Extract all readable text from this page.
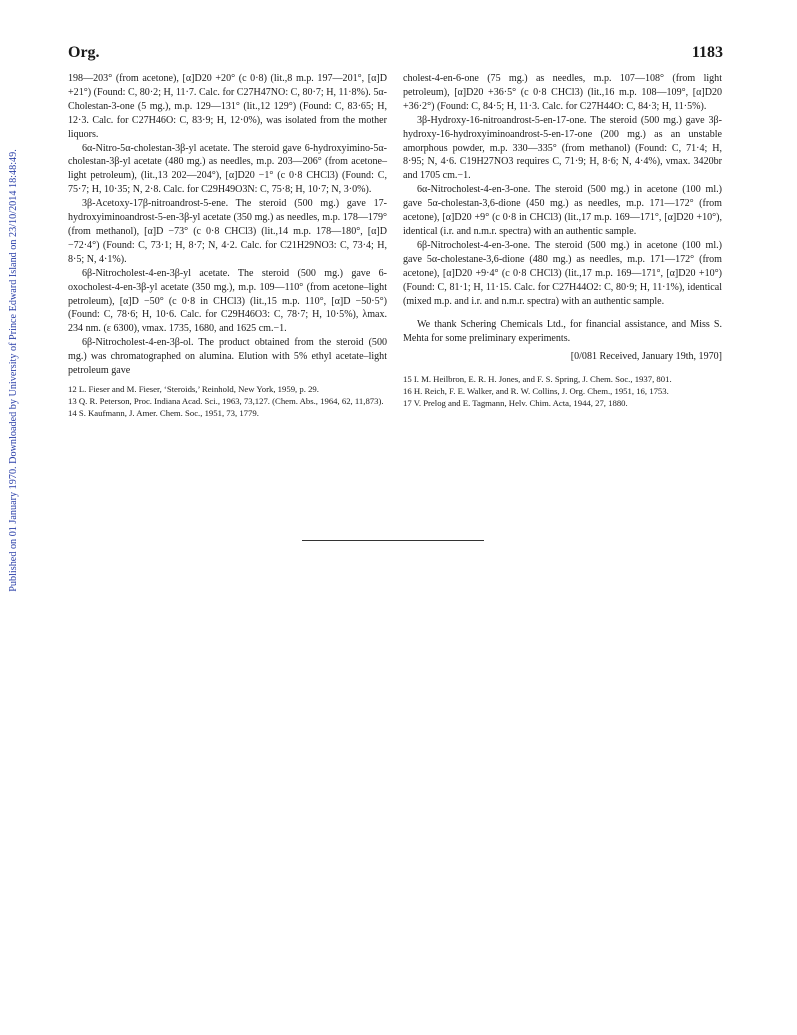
Published on 01 January 1970. Downloaded by University of Prince Edward Island on 23/10/2014 18:48:49.
Org.	1183

198—203° (from acetone), [α]D20 +20° (c 0·8) (lit.,8 m.p. 197—201°, [α]D +21°) (Found: C, 80·2; H, 11·7. Calc. for C27H47NO: C, 80·7; H, 11·8%). 5α-Cholestan-3-one (5 mg.), m.p. 129—131° (lit.,12 129°) (Found: C, 83·65; H, 12·3. Calc. for C27H46O: C, 83·9; H, 12·0%), was isolated from the mother liquors.

6α-Nitro-5α-cholestan-3β-yl acetate. The steroid gave 6-hydroxyimino-5α-cholestan-3β-yl acetate (480 mg.) as needles, m.p. 203—206° (from acetone–light petroleum), (lit.,13 202—204°), [α]D20 −1° (c 0·8 CHCl3) (Found: C, 75·7; H, 10·35; N, 2·8. Calc. for C29H49O3N: C, 75·8; H, 10·7; N, 3·0%).

3β-Acetoxy-17β-nitroandrost-5-ene. The steroid (500 mg.) gave 17-hydroxyiminoandrost-5-en-3β-yl acetate (350 mg.) as needles, m.p. 178—179° (from methanol), [α]D −73° (c 0·8 CHCl3) (lit.,14 m.p. 178—180°, [α]D −72·4°) (Found: C, 73·1; H, 8·7; N, 4·2. Calc. for C21H29NO3: C, 73·4; H, 8·5; N, 4·1%).

6β-Nitrocholest-4-en-3β-yl acetate. The steroid (500 mg.) gave 6-oxocholest-4-en-3β-yl acetate (350 mg.), m.p. 109—110° (from acetone–light petroleum), [α]D −50° (c 0·8 in CHCl3) (lit.,15 m.p. 110°, [α]D −50·5°) (Found: C, 78·6; H, 10·6. Calc. for C29H46O3: C, 78·7; H, 10·5%), λmax. 234 nm. (ε 6300), νmax. 1735, 1680, and 1625 cm.−1.

6β-Nitrocholest-4-en-3β-ol. The product obtained from the steroid (500 mg.) was chromatographed on alumina. Elution with 5% ethyl acetate–light petroleum gave

12 L. Fieser and M. Fieser, ‘Steroids,’ Reinhold, New York, 1959, p. 29.

13 Q. R. Peterson, Proc. Indiana Acad. Sci., 1963, 73,127. (Chem. Abs., 1964, 62, 11,873).

14 S. Kaufmann, J. Amer. Chem. Soc., 1951, 73, 1779.

cholest-4-en-6-one (75 mg.) as needles, m.p. 107—108° (from light petroleum), [α]D20 +36·5° (c 0·8 CHCl3) (lit.,16 m.p. 108—109°, [α]D20 +36·2°) (Found: C, 84·5; H, 11·3. Calc. for C27H44O: C, 84·3; H, 11·5%).

3β-Hydroxy-16-nitroandrost-5-en-17-one. The steroid (500 mg.) gave 3β-hydroxy-16-hydroxyiminoandrost-5-en-17-one (200 mg.) as an unstable amorphous powder, m.p. 330—335° (from methanol) (Found: C, 71·4; H, 8·95; N, 4·6. C19H27NO3 requires C, 71·9; H, 8·6; N, 4·4%), νmax. 3420br and 1705 cm.−1.

6α-Nitrocholest-4-en-3-one. The steroid (500 mg.) in acetone (100 ml.) gave 5α-cholestan-3,6-dione (450 mg.) as needles, m.p. 171—172° (from acetone), [α]D20 +9° (c 0·8 in CHCl3) (lit.,17 m.p. 169—171°, [α]D20 +10°), identical (i.r. and n.m.r. spectra) with an authentic sample.

6β-Nitrocholest-4-en-3-one. The steroid (500 mg.) in acetone (100 ml.) gave 5α-cholestane-3,6-dione (480 mg.) as needles, m.p. 171—172° (from acetone), [α]D20 +9·4° (c 0·8 CHCl3) (lit.,17 m.p. 169—171°, [α]D20 +10°) (Found: C, 81·1; H, 11·15. Calc. for C27H44O2: C, 80·9; H, 11·1%), identical (mixed m.p. and i.r. and n.m.r. spectra) with an authentic sample.

We thank Schering Chemicals Ltd., for financial assistance, and Miss S. Mehta for some preliminary experiments.

[0/081 Received, January 19th, 1970]

15 I. M. Heilbron, E. R. H. Jones, and F. S. Spring, J. Chem. Soc., 1937, 801.

16 H. Reich, F. E. Walker, and R. W. Collins, J. Org. Chem., 1951, 16, 1753.

17 V. Prelog and E. Tagmann, Helv. Chim. Acta, 1944, 27, 1880.
